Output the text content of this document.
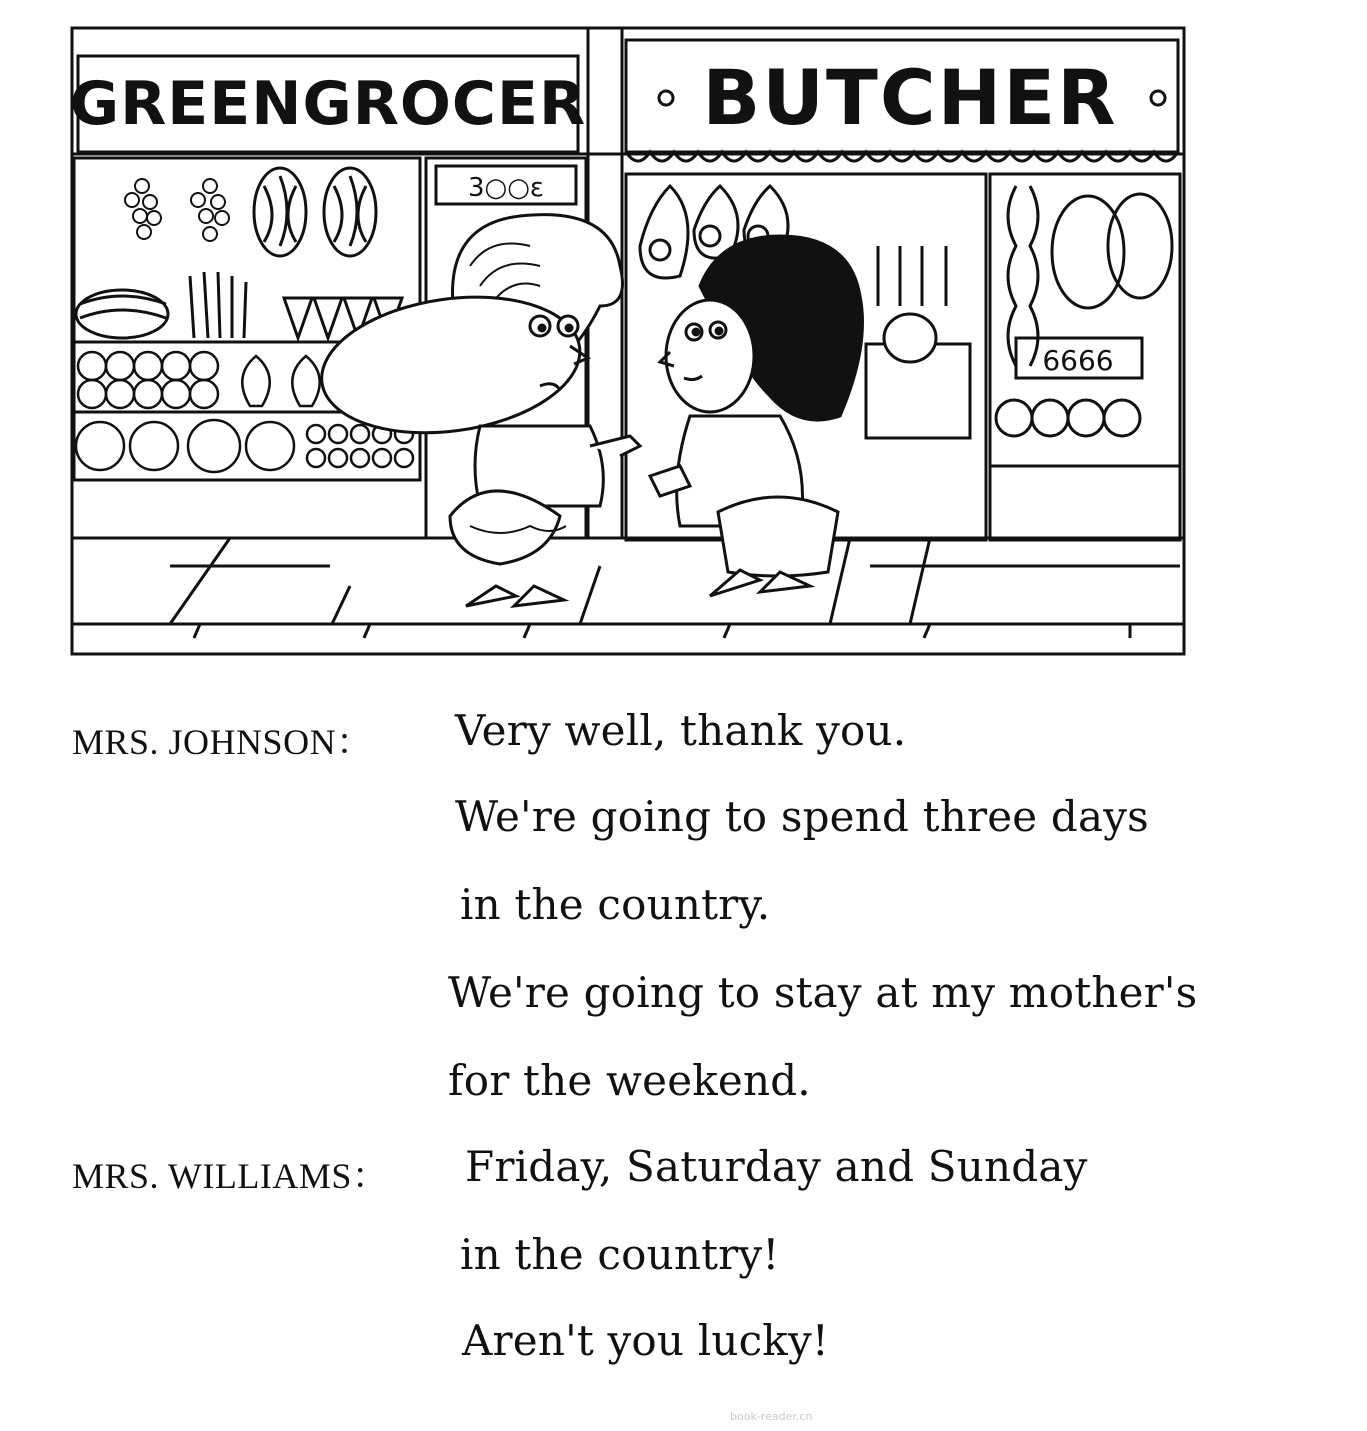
GREENGROCER BUTCHER
3○○ε
6666
MRS. JOHNSON： Very well, thank you.
We're going to spend three days
in the country.
We're going to stay at my mother's
for the weekend.
MRS. WILLIAMS： Friday, Saturday and Sunday
in the country!
Aren't you lucky!
book-reader.cn
